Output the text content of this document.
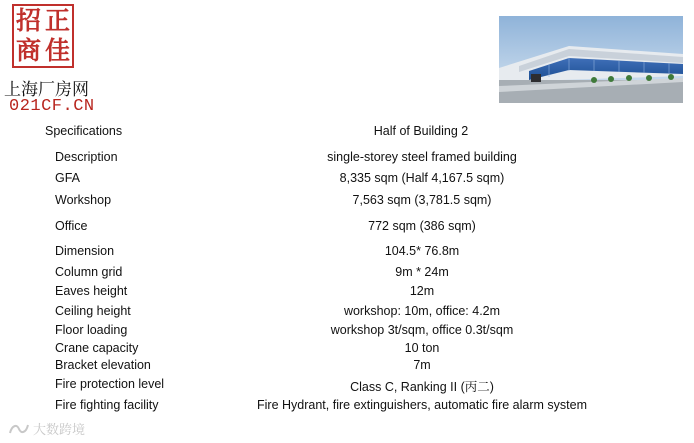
招 正
商 佳
上海厂房网
021CF.CN
Specifications	Half of Building 2
Description	single-storey steel framed building
GFA	8,335 sqm (Half 4,167.5 sqm)
Workshop	7,563 sqm (3,781.5 sqm)
Office	772 sqm (386 sqm)
Dimension	104.5* 76.8m
Column grid	9m * 24m
Eaves height	12m
Ceiling height	workshop: 10m, office: 4.2m
Floor loading	workshop 3t/sqm, office 0.3t/sqm
Crane capacity	10 ton
Bracket elevation	7m
Fire protection level	Class C, Ranking II (丙二)
Fire fighting facility	Fire Hydrant, fire extinguishers, automatic fire alarm system
大数跨境
